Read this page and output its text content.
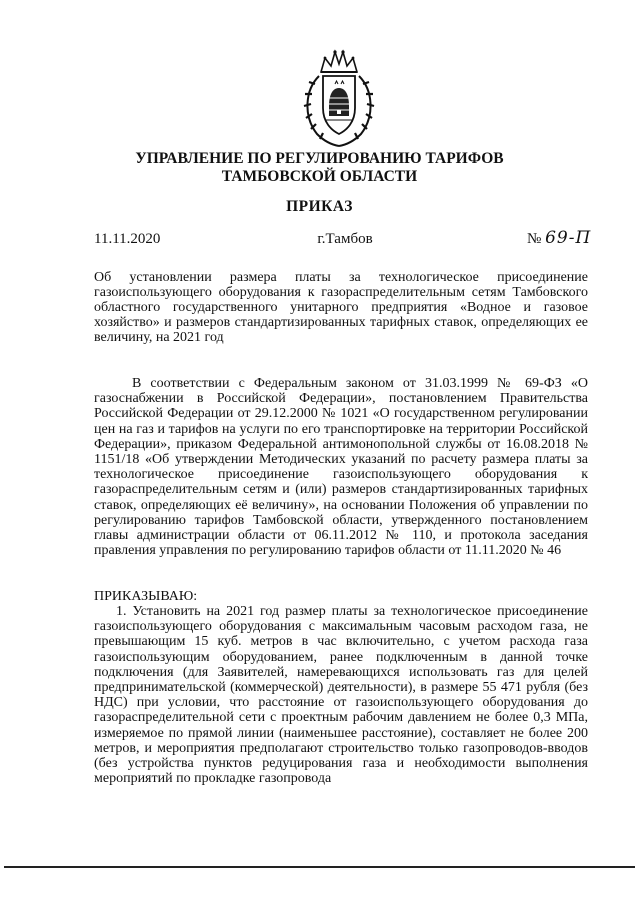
УПРАВЛЕНИЕ ПО РЕГУЛИРОВАНИЮ ТАРИФОВ
ТАМБОВСКОЙ ОБЛАСТИ
ПРИКАЗ
11.11.2020	г.Тамбов	№ 69-П
Об установлении размера платы за технологическое присоединение газоиспользующего оборудования к газораспределительным сетям Тамбовского областного государственного унитарного предприятия «Водное и газовое хозяйство» и размеров стандартизированных тарифных ставок, определяющих ее величину, на 2021 год
В соответствии с Федеральным законом от 31.03.1999 № 69-ФЗ «О газоснабжении в Российской Федерации», постановлением Правительства Российской Федерации от 29.12.2000 № 1021 «О государственном регулировании цен на газ и тарифов на услуги по его транспортировке на территории Российской Федерации», приказом Федеральной антимонопольной службы от 16.08.2018 № 1151/18 «Об утверждении Методических указаний по расчету размера платы за технологическое присоединение газоиспользующего оборудования к газораспределительным сетям и (или) размеров стандартизированных тарифных ставок, определяющих её величину», на основании Положения об управлении по регулированию тарифов Тамбовской области, утвержденного постановлением главы администрации области от 06.11.2012 № 110, и протокола заседания правления управления по регулированию тарифов области от 11.11.2020 № 46
ПРИКАЗЫВАЮ:
1. Установить на 2021 год размер платы за технологическое присоединение газоиспользующего оборудования с максимальным часовым расходом газа, не превышающим 15 куб. метров в час включительно, с учетом расхода газа газоиспользующим оборудованием, ранее подключенным в данной точке подключения (для Заявителей, намеревающихся использовать газ для целей предпринимательской (коммерческой) деятельности), в размере 55 471 рубля (без НДС) при условии, что расстояние от газоиспользующего оборудования до газораспределительной сети с проектным рабочим давлением не более 0,3 МПа, измеряемое по прямой линии (наименьшее расстояние), составляет не более 200 метров, и мероприятия предполагают строительство только газопроводов-вводов (без устройства пунктов редуцирования газа и необходимости выполнения мероприятий по прокладке газопровода
